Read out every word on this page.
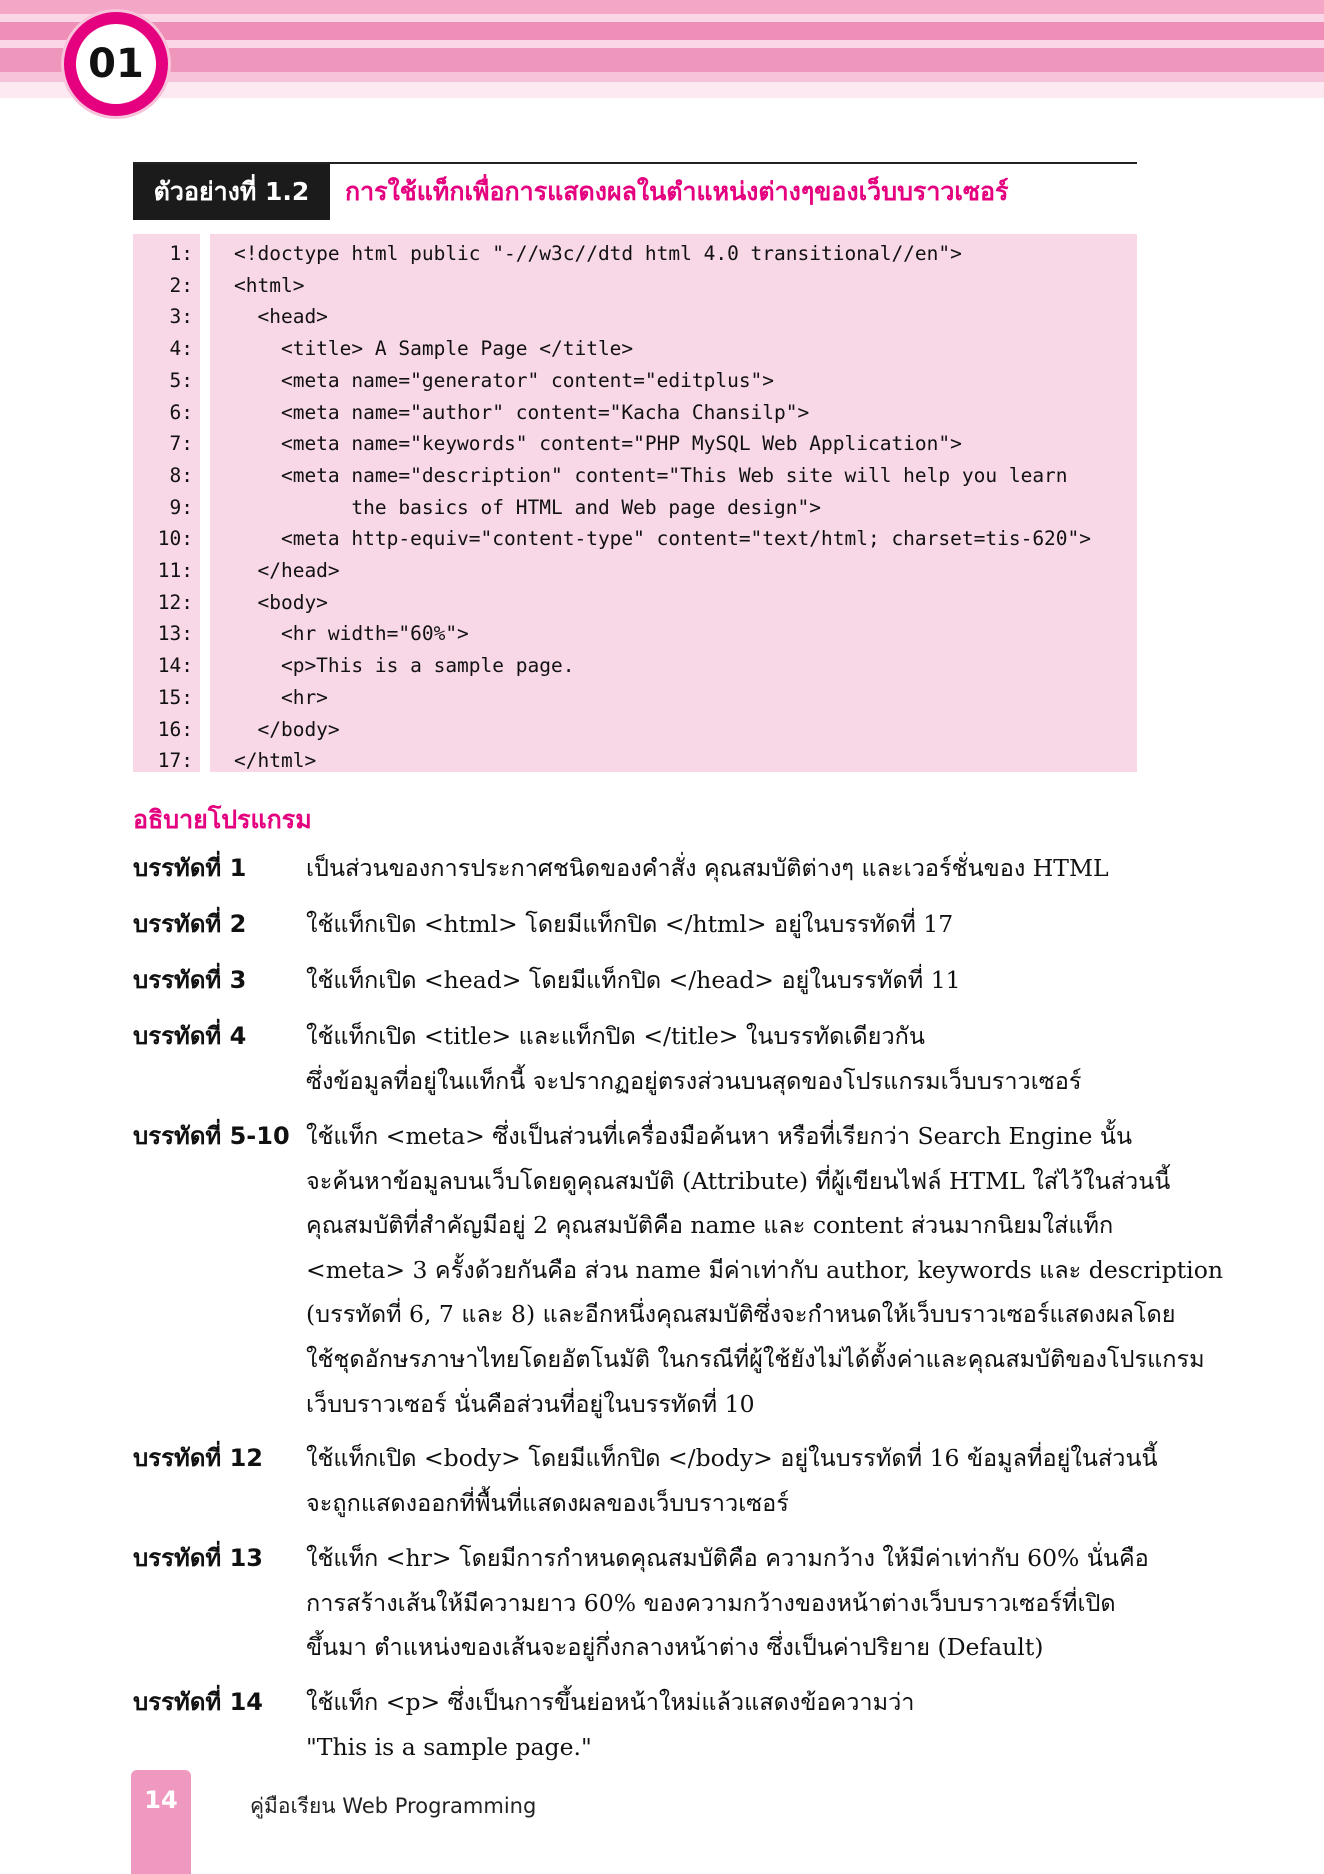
01
ตัวอย่างที่ 1.2	การใช้แท็กเพื่อการแสดงผลในตำแหน่งต่างๆของเว็บบราวเซอร์
1: <!doctype html public "-//w3c//dtd html 4.0 transitional//en">
2: <html>
3: <head>
4: <title> A Sample Page </title>
5: <meta name="generator" content="editplus">
6: <meta name="author" content="Kacha Chansilp">
7: <meta name="keywords" content="PHP MySQL Web Application">
8: <meta name="description" content="This Web site will help you learn
9: the basics of HTML and Web page design">
10: <meta http-equiv="content-type" content="text/html; charset=tis-620">
11: </head>
12: <body>
13: <hr width="60%">
14: <p>This is a sample page.
15: <hr>
16: </body>
17: </html>
อธิบายโปรแกรม
บรรทัดที่ 1	เป็นส่วนของการประกาศชนิดของคำสั่ง คุณสมบัติต่างๆ และเวอร์ชั่นของ HTML
บรรทัดที่ 2	ใช้แท็กเปิด <html> โดยมีแท็กปิด </html> อยู่ในบรรทัดที่ 17
บรรทัดที่ 3	ใช้แท็กเปิด <head> โดยมีแท็กปิด </head> อยู่ในบรรทัดที่ 11
บรรทัดที่ 4	ใช้แท็กเปิด <title> และแท็กปิด </title> ในบรรทัดเดียวกัน
ซึ่งข้อมูลที่อยู่ในแท็กนี้ จะปรากฏอยู่ตรงส่วนบนสุดของโปรแกรมเว็บบราวเซอร์
บรรทัดที่ 5-10 ใช้แท็ก <meta> ซึ่งเป็นส่วนที่เครื่องมือค้นหา หรือที่เรียกว่า Search Engine นั้น
จะค้นหาข้อมูลบนเว็บโดยดูคุณสมบัติ (Attribute) ที่ผู้เขียนไฟล์ HTML ใส่ไว้ในส่วนนี้
คุณสมบัติที่สำคัญมีอยู่ 2 คุณสมบัติคือ name และ content ส่วนมากนิยมใส่แท็ก
<meta> 3 ครั้งด้วยกันคือ ส่วน name มีค่าเท่ากับ author, keywords และ description
(บรรทัดที่ 6, 7 และ 8) และอีกหนึ่งคุณสมบัติซึ่งจะกำหนดให้เว็บบราวเซอร์แสดงผลโดย
ใช้ชุดอักษรภาษาไทยโดยอัตโนมัติ ในกรณีที่ผู้ใช้ยังไม่ได้ตั้งค่าและคุณสมบัติของโปรแกรม
เว็บบราวเซอร์ นั่นคือส่วนที่อยู่ในบรรทัดที่ 10
บรรทัดที่ 12 ใช้แท็กเปิด <body> โดยมีแท็กปิด </body> อยู่ในบรรทัดที่ 16 ข้อมูลที่อยู่ในส่วนนี้
จะถูกแสดงออกที่พื้นที่แสดงผลของเว็บบราวเซอร์
บรรทัดที่ 13 ใช้แท็ก <hr> โดยมีการกำหนดคุณสมบัติคือ ความกว้าง ให้มีค่าเท่ากับ 60% นั่นคือ
การสร้างเส้นให้มีความยาว 60% ของความกว้างของหน้าต่างเว็บบราวเซอร์ที่เปิด
ขึ้นมา ตำแหน่งของเส้นจะอยู่กึ่งกลางหน้าต่าง ซึ่งเป็นค่าปริยาย (Default)
บรรทัดที่ 14 ใช้แท็ก <p> ซึ่งเป็นการขึ้นย่อหน้าใหม่แล้วแสดงข้อความว่า
"This is a sample page."
14	คู่มือเรียน Web Programming
